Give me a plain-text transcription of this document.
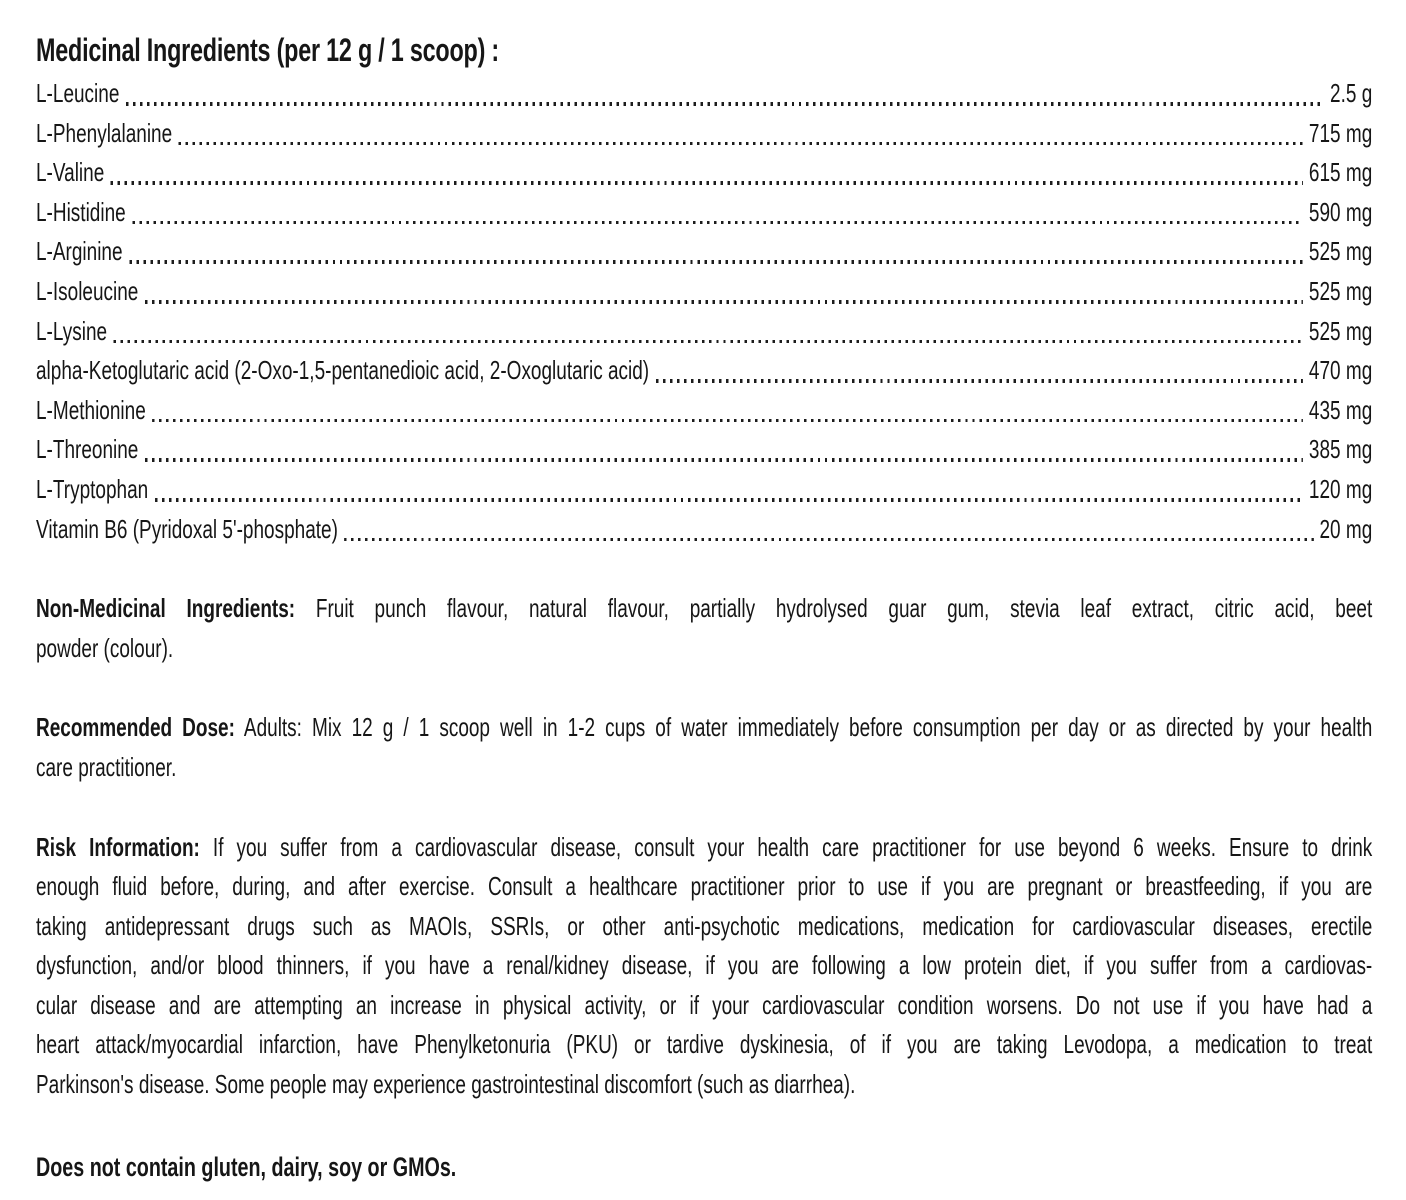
Medicinal Ingredients (per 12 g / 1 scoop) :
L-Leucine	2.5 g
L-Phenylalanine	715 mg
L-Valine	615 mg
L-Histidine	590 mg
L-Arginine	525 mg
L-Isoleucine	525 mg
L-Lysine	525 mg
alpha-Ketoglutaric acid (2-Oxo-1,5-pentanedioic acid, 2-Oxoglutaric acid)	470 mg
L-Methionine	435 mg
L-Threonine	385 mg
L-Tryptophan	120 mg
Vitamin B6 (Pyridoxal 5'-phosphate)	20 mg
Non-Medicinal Ingredients: Fruit punch flavour, natural flavour, partially hydrolysed guar gum, stevia leaf extract, citric acid, beet
powder (colour).
Recommended Dose: Adults: Mix 12 g / 1 scoop well in 1-2 cups of water immediately before consumption per day or as directed by your health
care practitioner.
Risk Information: If you suffer from a cardiovascular disease, consult your health care practitioner for use beyond 6 weeks. Ensure to drink
enough fluid before, during, and after exercise. Consult a healthcare practitioner prior to use if you are pregnant or breastfeeding, if you are
taking antidepressant drugs such as MAOIs, SSRIs, or other anti-psychotic medications, medication for cardiovascular diseases, erectile
dysfunction, and/or blood thinners, if you have a renal/kidney disease, if you are following a low protein diet, if you suffer from a cardiovas-
cular disease and are attempting an increase in physical activity, or if your cardiovascular condition worsens. Do not use if you have had a
heart attack/myocardial infarction, have Phenylketonuria (PKU) or tardive dyskinesia, of if you are taking Levodopa, a medication to treat
Parkinson's disease. Some people may experience gastrointestinal discomfort (such as diarrhea).
Does not contain gluten, dairy, soy or GMOs.
